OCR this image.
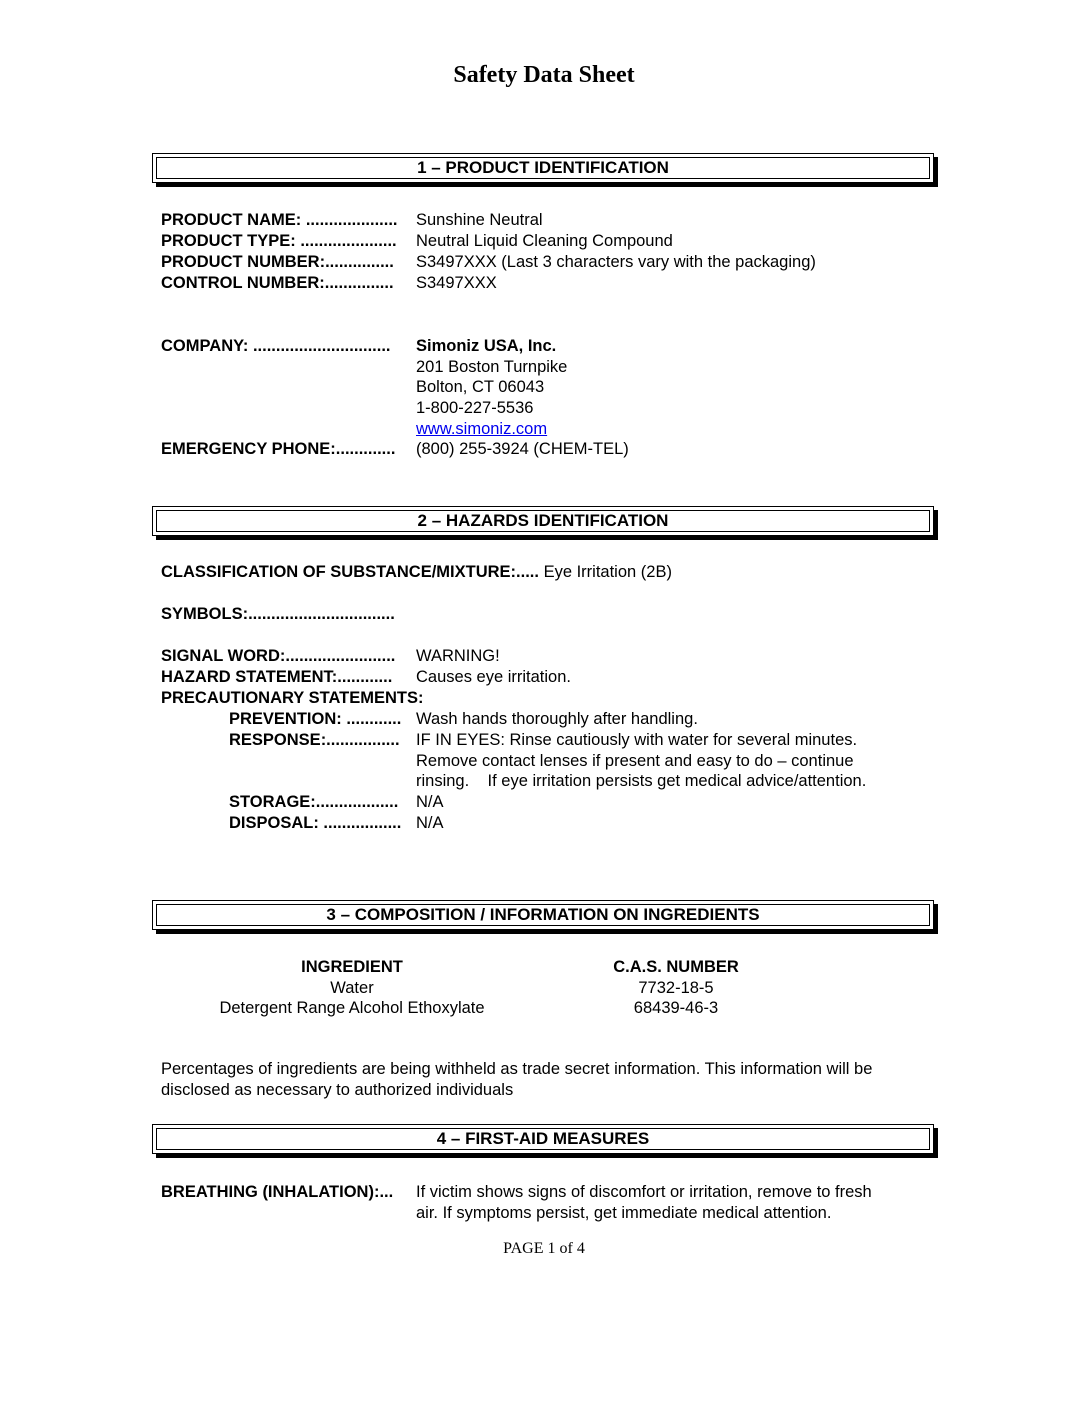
Safety Data Sheet
1 – PRODUCT IDENTIFICATION
PRODUCT NAME: .................... Sunshine Neutral
PRODUCT TYPE: ..................... Neutral Liquid Cleaning Compound
PRODUCT NUMBER:............... S3497XXX (Last 3 characters vary with the packaging)
CONTROL NUMBER:............... S3497XXX
COMPANY: .............................. Simoniz USA, Inc.
201 Boston Turnpike
Bolton, CT 06043
1-800-227-5536
www.simoniz.com
EMERGENCY PHONE:............. (800) 255-3924 (CHEM-TEL)
2 – HAZARDS IDENTIFICATION
CLASSIFICATION OF SUBSTANCE/MIXTURE:..... Eye Irritation (2B)
SYMBOLS:................................
SIGNAL WORD:........................ WARNING!
HAZARD STATEMENT:............ Causes eye irritation.
PRECAUTIONARY STATEMENTS:
PREVENTION: ............ Wash hands thoroughly after handling.
RESPONSE:................ IF IN EYES: Rinse cautiously with water for several minutes.
Remove contact lenses if present and easy to do – continue
rinsing.    If eye irritation persists get medical advice/attention.
STORAGE:.................. N/A
DISPOSAL: ................. N/A
3 – COMPOSITION / INFORMATION ON INGREDIENTS
INGREDIENT	C.A.S. NUMBER
Water	7732-18-5
Detergent Range Alcohol Ethoxylate	68439-46-3
Percentages of ingredients are being withheld as trade secret information. This information will be disclosed as necessary to authorized individuals
4 – FIRST-AID MEASURES
BREATHING (INHALATION):... If victim shows signs of discomfort or irritation, remove to fresh
air. If symptoms persist, get immediate medical attention.
PAGE 1 of 4
